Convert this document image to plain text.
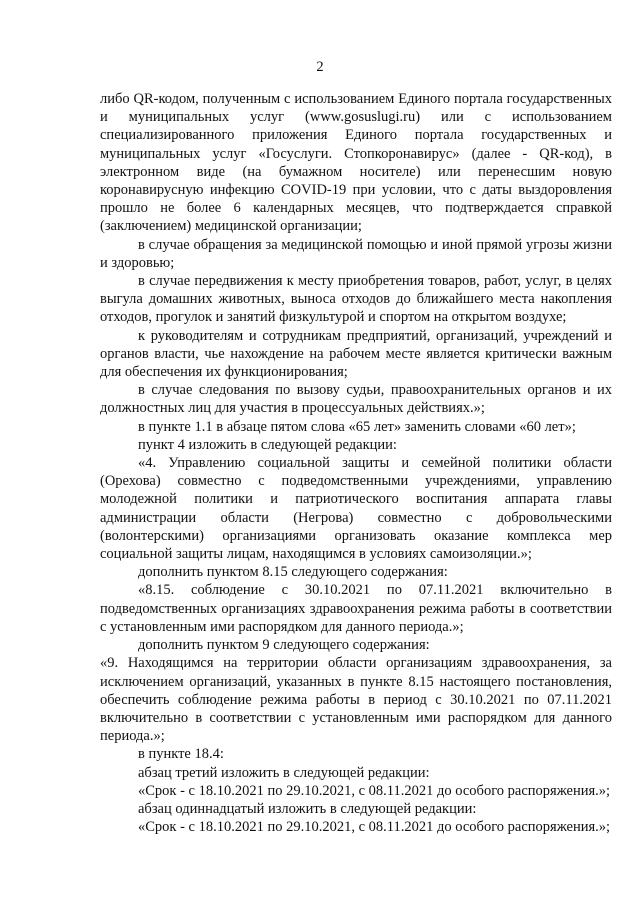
2

либо QR-кодом, полученным с использованием Единого портала государственных и муниципальных услуг (www.gosuslugi.ru) или с использованием специализированного приложения Единого портала государственных и муниципальных услуг «Госуслуги. Стопкоронавирус» (далее - QR-код), в электронном виде (на бумажном носителе) или перенесшим новую коронавирусную инфекцию COVID-19 при условии, что с даты выздоровления прошло не более 6 календарных месяцев, что подтверждается справкой (заключением) медицинской организации;

в случае обращения за медицинской помощью и иной прямой угрозы жизни и здоровью;

в случае передвижения к месту приобретения товаров, работ, услуг, в целях выгула домашних животных, выноса отходов до ближайшего места накопления отходов, прогулок и занятий физкультурой и спортом на открытом воздухе;

к руководителям и сотрудникам предприятий, организаций, учреждений и органов власти, чье нахождение на рабочем месте является критически важным для обеспечения их функционирования;

в случае следования по вызову судьи, правоохранительных органов и их должностных лиц для участия в процессуальных действиях.»;

в пункте 1.1 в абзаце пятом слова «65 лет» заменить словами «60 лет»;

пункт 4 изложить в следующей редакции:

«4. Управлению социальной защиты и семейной политики области (Орехова) совместно с подведомственными учреждениями, управлению молодежной политики и патриотического воспитания аппарата главы администрации области (Негрова) совместно с добровольческими (волонтерскими) организациями организовать оказание комплекса мер социальной защиты лицам, находящимся в условиях самоизоляции.»;

дополнить пунктом 8.15 следующего содержания:

«8.15. соблюдение с 30.10.2021 по 07.11.2021 включительно в подведомственных организациях здравоохранения режима работы в соответствии с установленным ими распорядком для данного периода.»;

дополнить пунктом 9 следующего содержания:

«9. Находящимся на территории области организациям здравоохранения, за исключением организаций, указанных в пункте 8.15 настоящего постановления, обеспечить соблюдение режима работы в период с 30.10.2021 по 07.11.2021 включительно в соответствии с установленным ими распорядком для данного периода.»;

в пункте 18.4:

абзац третий изложить в следующей редакции:

«Срок - с 18.10.2021 по 29.10.2021, с 08.11.2021 до особого распоряжения.»;

абзац одиннадцатый изложить в следующей редакции:

«Срок - с 18.10.2021 по 29.10.2021, с 08.11.2021 до особого распоряжения.»;
